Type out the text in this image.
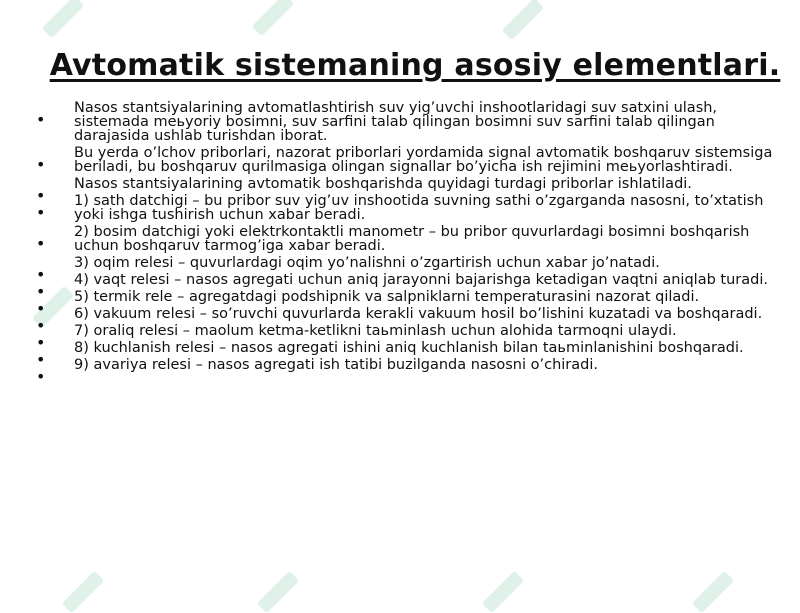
Avtomatik sistemaning asosiy elementlari.
•
Nasos stantsiyalarining avtomatlashtirish suv yig’uvchi inshootlaridagi suv satxini ulash, sistemada meьyoriy bosimni, suv sarfini talab qilingan bosimni suv sarfini talab qilingan darajasida ushlab turishdan iborat.
•
Bu yerda o’lchov priborlari, nazorat priborlari yordamida signal avtomatik boshqaruv sistemsiga beriladi, bu boshqaruv qurilmasiga olingan signallar bo’yicha ish rejimini meьyorlashtiradi.
•
Nasos stantsiyalarining avtomatik boshqarishda quyidagi turdagi priborlar ishlatiladi.
•
1) sath datchigi – bu pribor suv yig’uv inshootida suvning sathi o’zgarganda nasosni, to’xtatish yoki ishga tushirish uchun xabar beradi.
•
2) bosim datchigi yoki elektrkontaktli manometr – bu pribor quvurlardagi bosimni boshqarish uchun boshqaruv tarmog’iga xabar beradi.
•
3) oqim relesi – quvurlardagi oqim yo’nalishni o’zgartirish uchun xabar jo’natadi.
•
4) vaqt relesi – nasos agregati uchun aniq jarayonni bajarishga ketadigan vaqtni aniqlab turadi.
•
5) termik rele – agregatdagi podshipnik va salpniklarni temperaturasini nazorat qiladi.
•
6) vakuum relesi – so’ruvchi quvurlarda kerakli vakuum hosil bo’lishini kuzatadi va boshqaradi.
•
7) oraliq relesi – maolum ketma-ketlikni taьminlash uchun alohida tarmoqni ulaydi.
•
8) kuchlanish relesi – nasos agregati ishini aniq kuchlanish bilan taьminlanishini boshqaradi.
•
9) avariya relesi – nasos agregati ish tatibi buzilganda nasosni o’chiradi.
